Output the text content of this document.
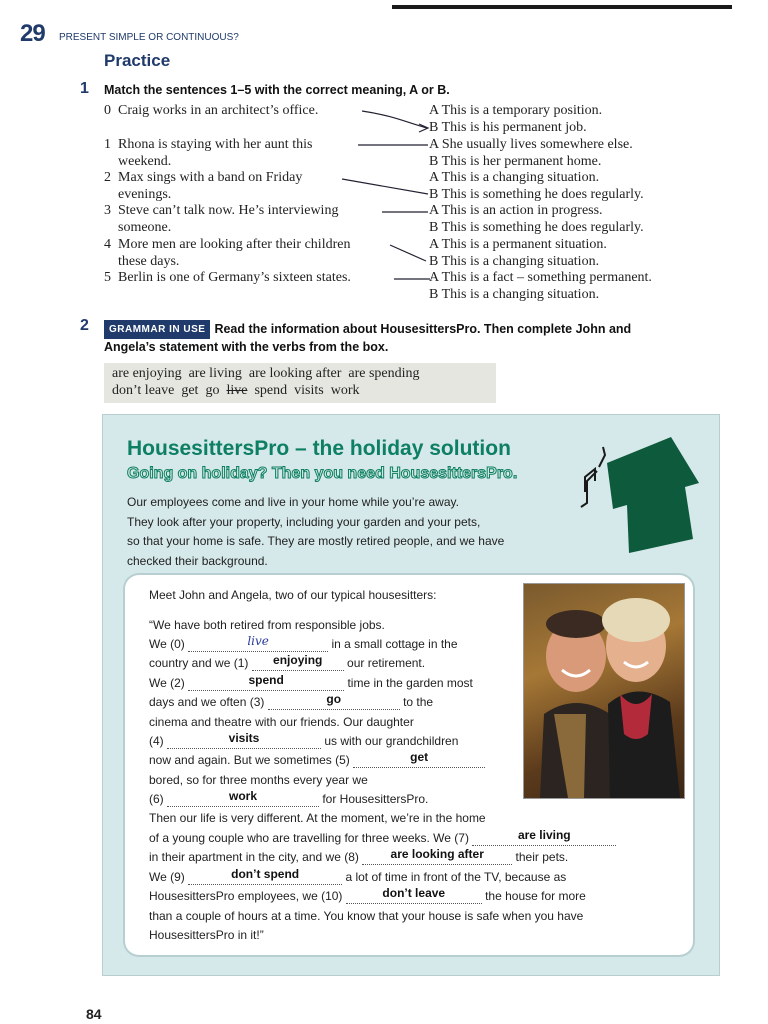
29 PRESENT SIMPLE OR CONTINUOUS?
Practice
1 Match the sentences 1–5 with the correct meaning, A or B.
0  Craig works in an architect’s office.	A This is a temporary position.
B This is his permanent job.
1  Rhona is staying with her aunt this
weekend.
A She usually lives somewhere else.
B This is her permanent home.
2  Max sings with a band on Friday
evenings.
A This is a changing situation.
B This is something he does regularly.
3  Steve can’t talk now. He’s interviewing
someone.
A This is an action in progress.
B This is something he does regularly.
4  More men are looking after their children
these days.
A This is a permanent situation.
B This is a changing situation.
5  Berlin is one of Germany’s sixteen states.	A This is a fact – something permanent.
B This is a changing situation.
2	GRAMMAR IN USE Read the information about HousesittersPro. Then complete John and
Angela’s statement with the verbs from the box.
are enjoying are living are looking after are spending
don’t leave get go live spend visits work
HousesittersPro – the holiday solution
Going on holiday? Then you need HousesittersPro.
Our employees come and live in your home while you’re away.
They look after your property, including your garden and your pets,
so that your home is safe. They are mostly retired people, and we have
checked their background.
Meet John and Angela, two of our typical housesitters:
“We have both retired from responsible jobs.
We (0)	live	in a small cottage in the
country and we (1) enjoying our retirement.
We (2)	spend	time in the garden most
days and we often (3)	go	to the
cinema and theatre with our friends. Our daughter
(4)	visits	us with our grandchildren
now and again. But we sometimes (5)	get
bored, so for three months every year we
(6)	work	for HousesittersPro.
Then our life is very different. At the moment, we’re in the home
of a young couple who are travelling for three weeks. We (7)	are living
in their apartment in the city, and we (8) are looking after their pets.
We (9)	don’t spend	a lot of time in front of the TV, because as
HousesittersPro employees, we (10)	don’t leave	the house for more
than a couple of hours at a time. You know that your house is safe when you have
HousesittersPro in it!”
84
